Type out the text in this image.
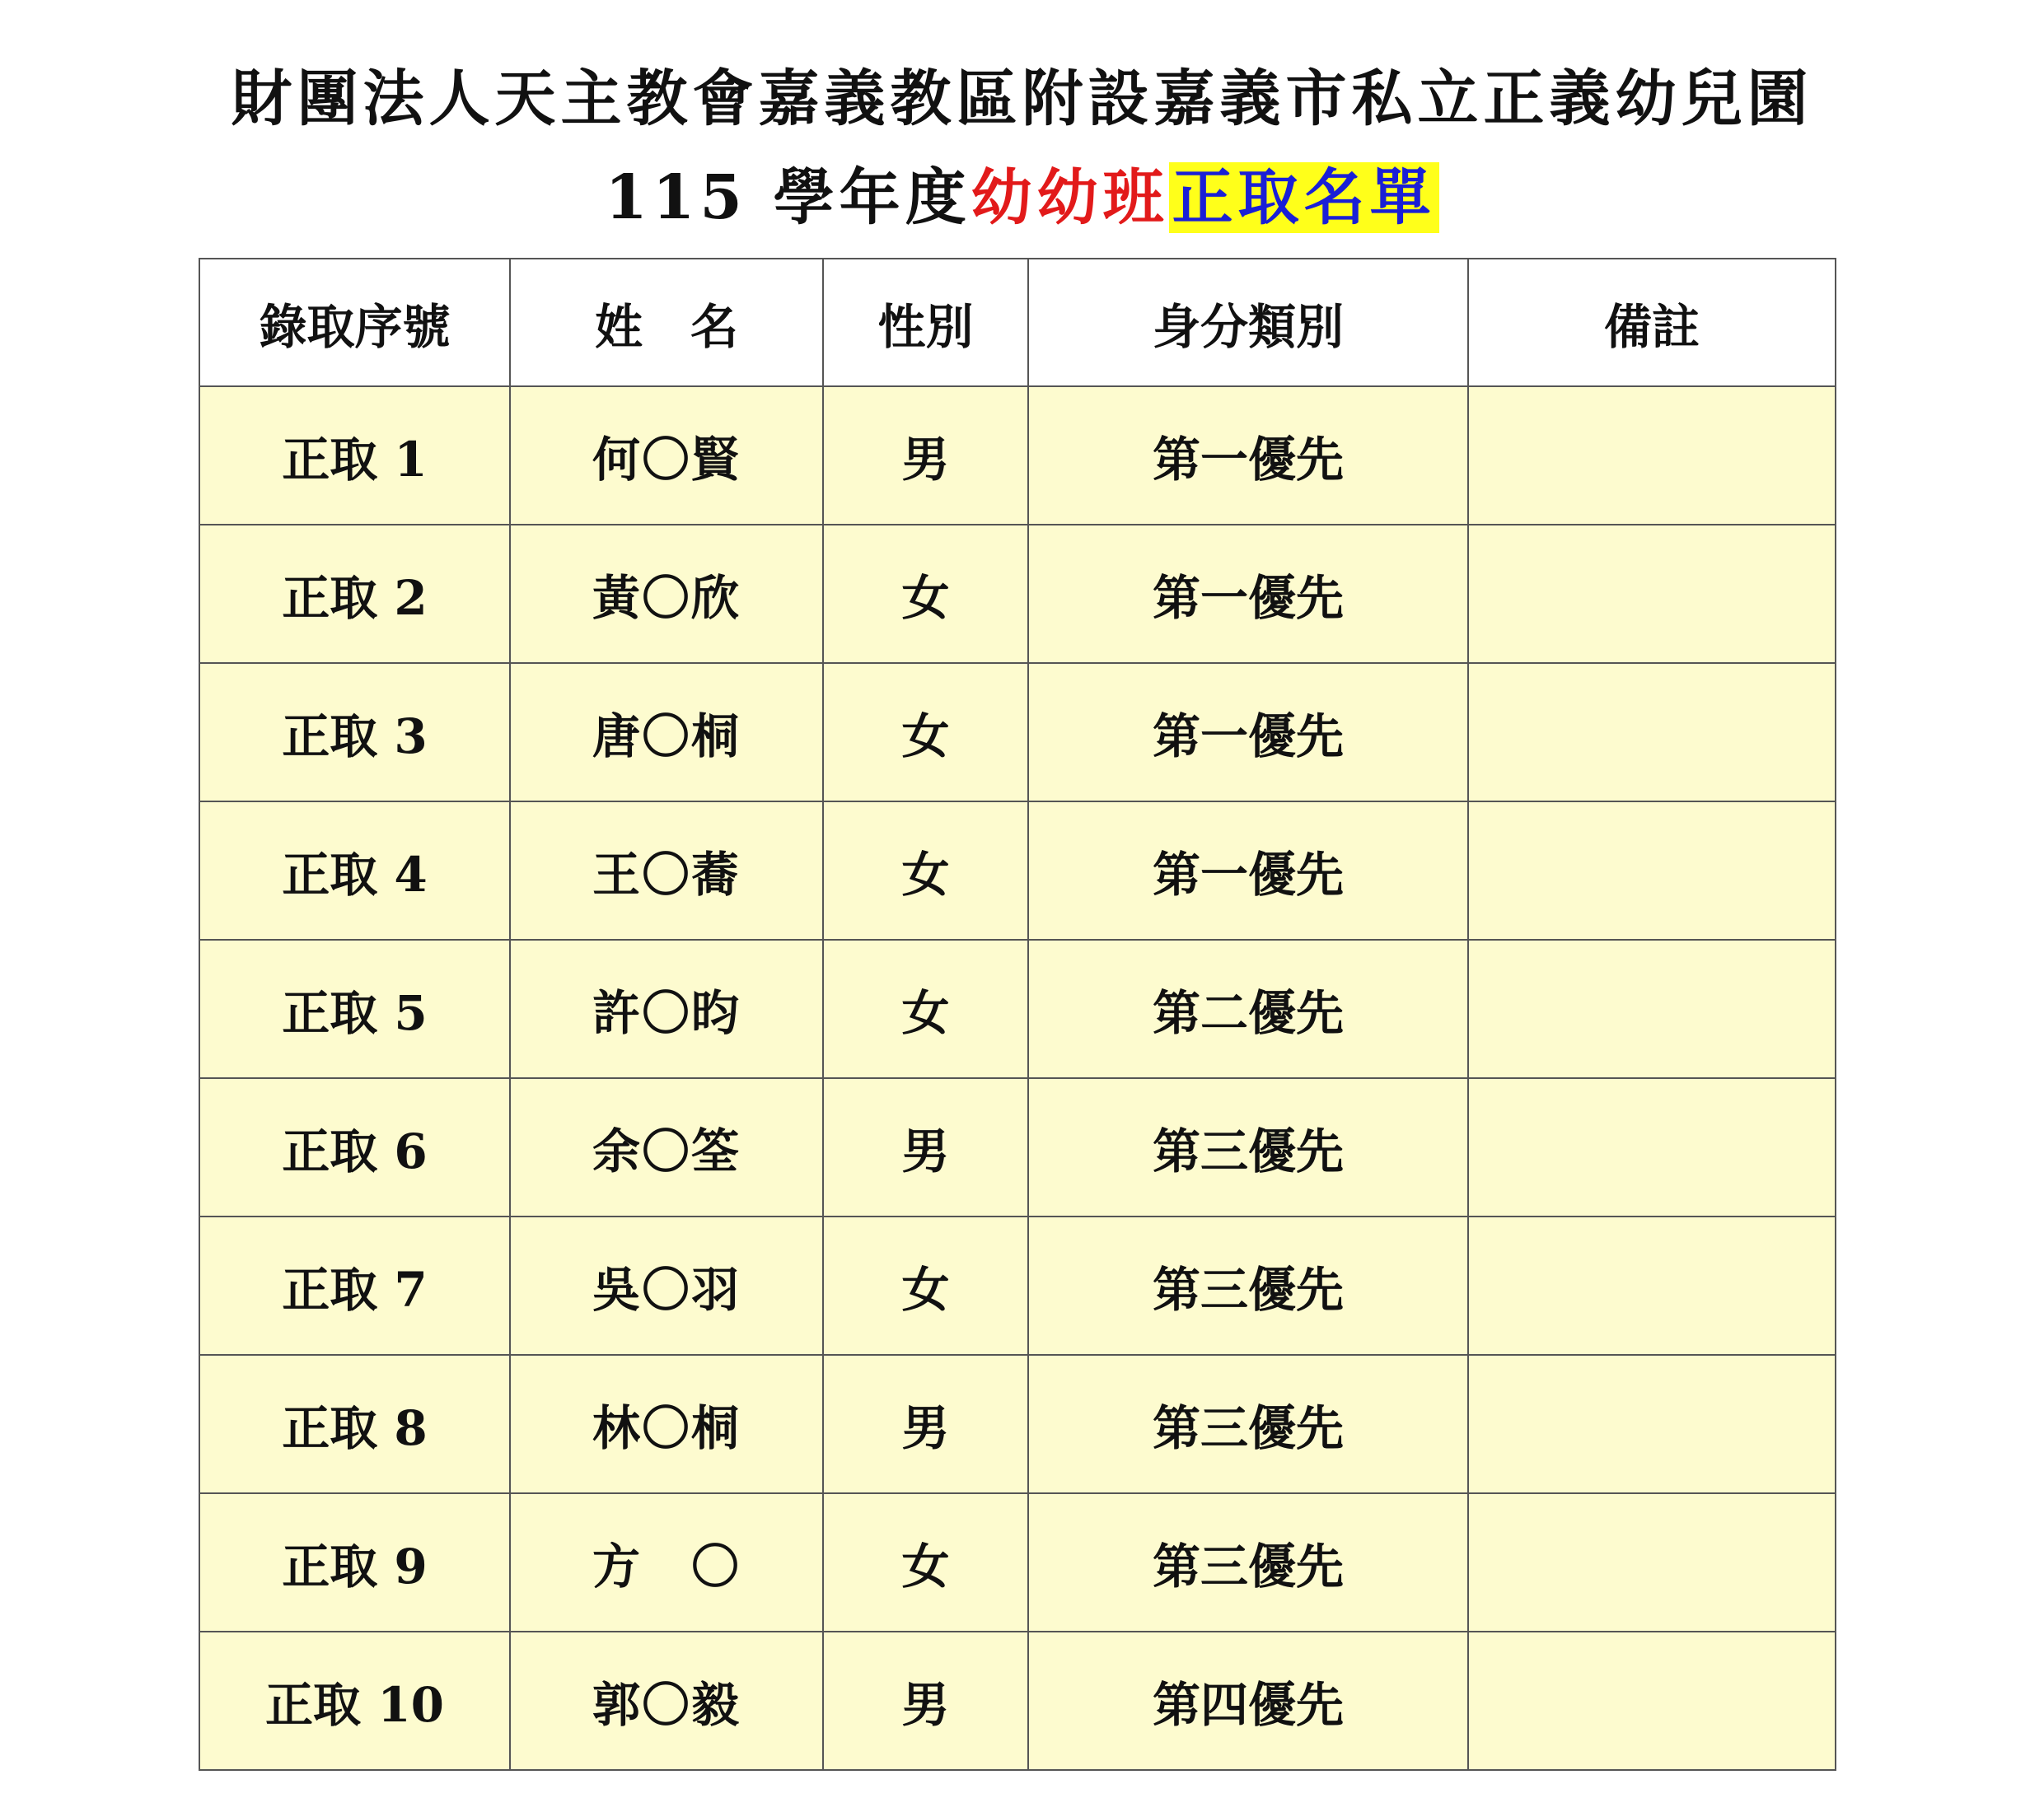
財團法人天主教會嘉義教區附設嘉義市私立正義幼兒園
115 學年度幼幼班正取名單
錄取序號	姓　名	性別	身分類別	備註
正取 1	何〇賢	男	第一優先	
正取 2	黃〇欣	女	第一優先	
正取 3	唐〇桐	女	第一優先	
正取 4	王〇蕎	女	第一優先	
正取 5	許〇昀	女	第二優先	
正取 6	余〇筌	男	第三優先	
正取 7	吳〇羽	女	第三優先	
正取 8	林〇桐	男	第三優先	
正取 9	方　〇	女	第三優先	
正取 10	郭〇毅	男	第四優先	
